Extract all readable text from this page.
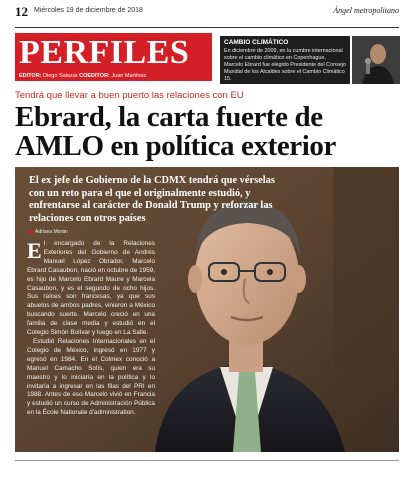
12 Miércoles 19 de diciembre de 2018	Ángel metropolitano
PERFILES
EDITOR: Diego Salazar COEDITOR: Juan Martínez
CAMBIO CLIMÁTICO
En diciembre de 2009, en la cumbre internacional sobre el cambio climático en Copenhague, Marcelo Ebrard fue elegido Presidente del Consejo Mundial de los Alcaldes sobre el Cambio Climático 15.
Tendrá que llevar a buen puerto las relaciones con EU
Ebrard, la carta fuerte de
AMLO en política exterior
El ex jefe de Gobierno de la CDMX tendrá que vérselas con un reto para el que el originalmente estudió, y enfrentarse al carácter de Donald Trump y reforzar las relaciones con otros países
Adriana Morán

El encargado de la Relaciones Exteriores del Gobierno de Andrés Manuel López Obrador, Marcelo Ebrard Casaubon, nació en octubre de 1959, es hijo de Marcelo Ebrard Maure y Marcela Casaubon, y es el segundo de ocho hijos. Sus raíces son francesas, ya que sus abuelos de ambos padres, vinieron a México buscando suerte. Marcelo creció en una familia de clase media y estudió en el Colegio Simón Bolívar y luego en La Salle.

Estudió Relaciones Internacionales en el Colegio de México, ingresó en 1977 y egresó en 1984. En el Colmex conoció a Manuel Camacho Solís, quien era su maestro y lo iniciaría en la política y lo invitaría a ingresar en las filas del PRI en 1988. Antes de eso Marcelo vivió en Francia y estudió un curso de Administración Pública en la École Nationale d'administration.
